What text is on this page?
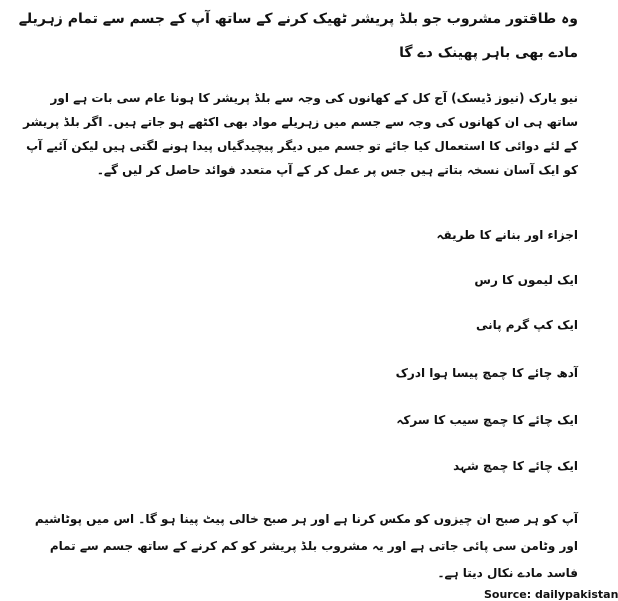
وہ طاقتور مشروب جو بلڈ پریشر ٹھیک کرنے کے ساتھ آپ کے جسم سے تمام زہریلے مادے بھی باہر پھینک دے گا

نیو یارک (نیوز ڈیسک) آج کل کے کھانوں کی وجہ سے بلڈ پریشر کا ہونا عام سی بات ہے اور ساتھ ہی ان کھانوں کی وجہ سے جسم میں زہریلے مواد بھی اکٹھے ہو جاتے ہیں۔ اگر بلڈ پریشر کے لئے دوائی کا استعمال کیا جائے تو جسم میں دیگر پیچیدگیاں پیدا ہونے لگتی ہیں لیکن آئیے آپ کو ایک آسان نسخہ بتاتے ہیں جس پر عمل کر کے آپ متعدد فوائد حاصل کر لیں گے۔

اجزاء اور بنانے کا طریقہ

ایک لیموں کا رس

ایک کپ گرم پانی

آدھ چائے کا چمچ پیسا ہوا ادرک

ایک چائے کا چمچ سیب کا سرکہ

ایک چائے کا چمچ شہد

آپ کو ہر صبح ان چیزوں کو مکس کرنا ہے اور ہر صبح خالی پیٹ پینا ہو گا۔ اس میں پوٹاشیم اور وٹامن سی پائی جاتی ہے اور یہ مشروب بلڈ پریشر کو کم کرنے کے ساتھ جسم سے تمام فاسد مادے نکال دیتا ہے۔

Source: dailypakistan
